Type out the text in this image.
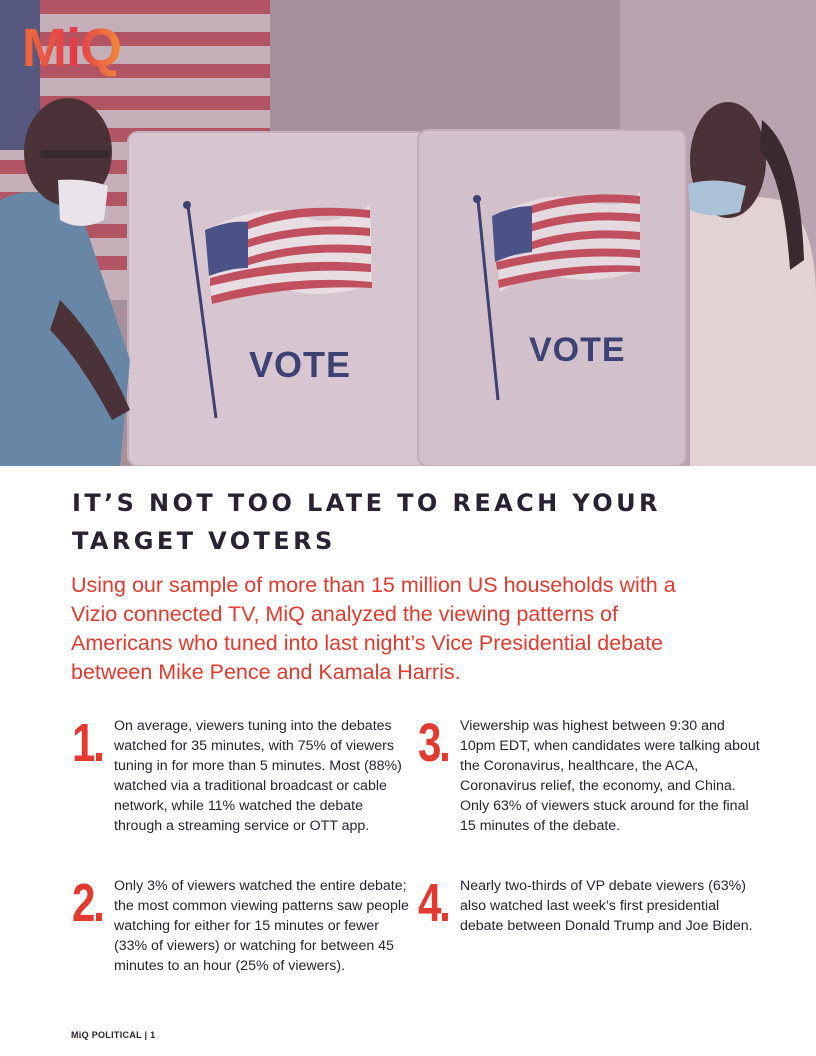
MiQ
VOTE	VOTE
IT’S NOT TOO LATE TO REACH YOUR
TARGET VOTERS
Using our sample of more than 15 million US households with a Vizio connected TV, MiQ analyzed the viewing patterns of Americans who tuned into last night’s Vice Presidential debate between Mike Pence and Kamala Harris.
1. On average, viewers tuning into the debates watched for 35 minutes, with 75% of viewers tuning in for more than 5 minutes. Most (88%) watched via a traditional broadcast or cable network, while 11% watched the debate through a streaming service or OTT app.
2. Only 3% of viewers watched the entire debate; the most common viewing patterns saw people watching for either for 15 minutes or fewer (33% of viewers) or watching for between 45 minutes to an hour (25% of viewers).
3. Viewership was highest between 9:30 and 10pm EDT, when candidates were talking about the Coronavirus, healthcare, the ACA, Coronavirus relief, the economy, and China. Only 63% of viewers stuck around for the final 15 minutes of the debate.
4. Nearly two-thirds of VP debate viewers (63%) also watched last week’s first presidential debate between Donald Trump and Joe Biden.
MiQ POLITICAL | 1
